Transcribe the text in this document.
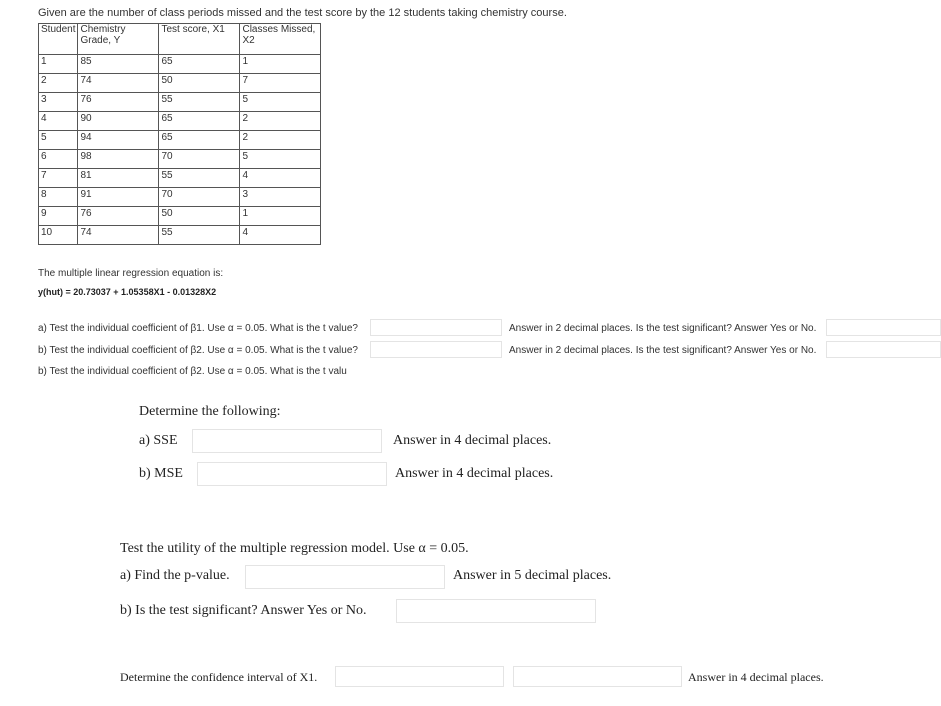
Given are the number of class periods missed and the test score by the 12 students taking chemistry course.
Student	Chemistry Grade, Y	Test score, X1	Classes Missed, X2
1	85	65	1
2	74	50	7
3	76	55	5
4	90	65	2
5	94	65	2
6	98	70	5
7	81	55	4
8	91	70	3
9	76	50	1
10	74	55	4
The multiple linear regression equation is:
y(hut) = 20.73037 + 1.05358X1 - 0.01328X2
a) Test the individual coefficient of β1. Use α = 0.05. What is the t value?	Answer in 2 decimal places. Is the test significant? Answer Yes or No.
b) Test the individual coefficient of β2. Use α = 0.05. What is the t value?	Answer in 2 decimal places. Is the test significant? Answer Yes or No.
b) Test the individual coefficient of β2. Use α = 0.05. What is the t valu
Determine the following:
a) SSE	Answer in 4 decimal places.
b) MSE	Answer in 4 decimal places.
Test the utility of the multiple regression model. Use α = 0.05.
a) Find the p-value.	Answer in 5 decimal places.
b) Is the test significant? Answer Yes or No.
Determine the confidence interval of X1.	Answer in 4 decimal places.
